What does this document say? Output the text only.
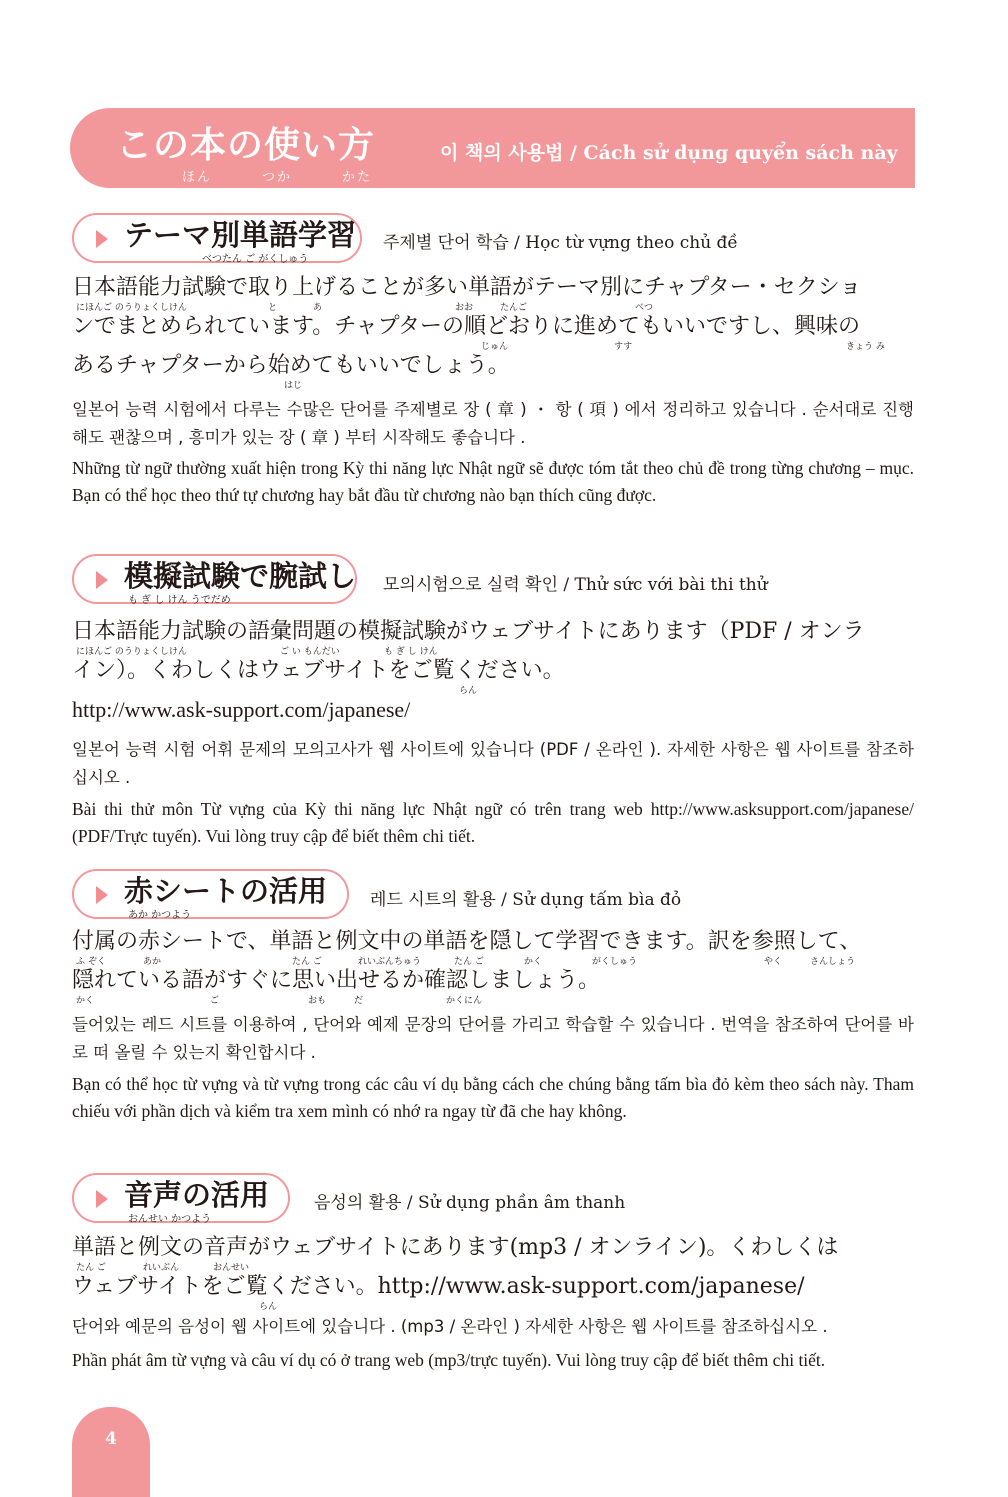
この本の使い方
ほん	つか	かた
이 책의 사용법 / Cách sử dụng quyển sách này
テーマ別単語学習
べつたん ご がくしゅう
주제별 단어 학습 / Học từ vựng theo chủ đề
日本語能力試験で取り上げることが多い単語がテーマ別にチャプター・セクショ
にほんご のうりょくしけん	と	あ	おお	たんご	べつ
ンでまとめられています。チャプターの順どおりに進めてもいいですし、興味の
じゅん	すす	きょう み
あるチャプターから始めてもいいでしょう。
はじ
일본어 능력 시험에서 다루는 수많은 단어를 주제별로 장 ( 章 ) ・ 항 ( 項 ) 에서 정리하고 있습니다 . 순서대로 진행해도 괜찮으며 , 흥미가 있는 장 ( 章 ) 부터 시작해도 좋습니다 .
Những từ ngữ thường xuất hiện trong Kỳ thi năng lực Nhật ngữ sẽ được tóm tắt theo chủ đề trong từng chương – mục. Bạn có thể học theo thứ tự chương hay bắt đầu từ chương nào bạn thích cũng được.
模擬試験で腕試し
も ぎ し けん うでだめ
모의시험으로 실력 확인 / Thử sức với bài thi thử
日本語能力試験の語彙問題の模擬試験がウェブサイトにあります（PDF / オンラ
にほんご のうりょくしけん	ご い もんだい	も ぎ し けん
イン）。くわしくはウェブサイトをご覧ください。
らん
http://www.ask-support.com/japanese/
일본어 능력 시험 어휘 문제의 모의고사가 웹 사이트에 있습니다 (PDF / 온라인 ). 자세한 사항은 웹 사이트를 참조하십시오 .
Bài thi thử môn Từ vựng của Kỳ thi năng lực Nhật ngữ có trên trang web http://www.asksupport.com/japanese/ (PDF/Trực tuyến). Vui lòng truy cập để biết thêm chi tiết.
赤シートの活用
あか かつよう
레드 시트의 활용 / Sử dụng tấm bìa đỏ
付属の赤シートで、単語と例文中の単語を隠して学習できます。訳を参照して、
ふ ぞく	あか	たん ご	れいぶんちゅう	たん ご	かく	がくしゅう	やく	さんしょう
隠れている語がすぐに思い出せるか確認しましょう。
かく	ご	おも	だ	かくにん
들어있는 레드 시트를 이용하여 , 단어와 예제 문장의 단어를 가리고 학습할 수 있습니다 . 번역을 참조하여 단어를 바로 떠 올릴 수 있는지 확인합시다 .
Bạn có thể học từ vựng và từ vựng trong các câu ví dụ bằng cách che chúng bằng tấm bìa đỏ kèm theo sách này. Tham chiếu với phần dịch và kiểm tra xem mình có nhớ ra ngay từ đã che hay không.
音声の活用
おんせい かつよう
음성의 활용 / Sử dụng phần âm thanh
単語と例文の音声がウェブサイトにあります(mp3 / オンライン)。くわしくは
たん ご	れいぶん	おんせい
ウェブサイトをご覧ください。http://www.ask-support.com/japanese/
らん
단어와 예문의 음성이 웹 사이트에 있습니다 . (mp3 / 온라인 ) 자세한 사항은 웹 사이트를 참조하십시오 .
Phần phát âm từ vựng và câu ví dụ có ở trang web (mp3/trực tuyến). Vui lòng truy cập để biết thêm chi tiết.
4
